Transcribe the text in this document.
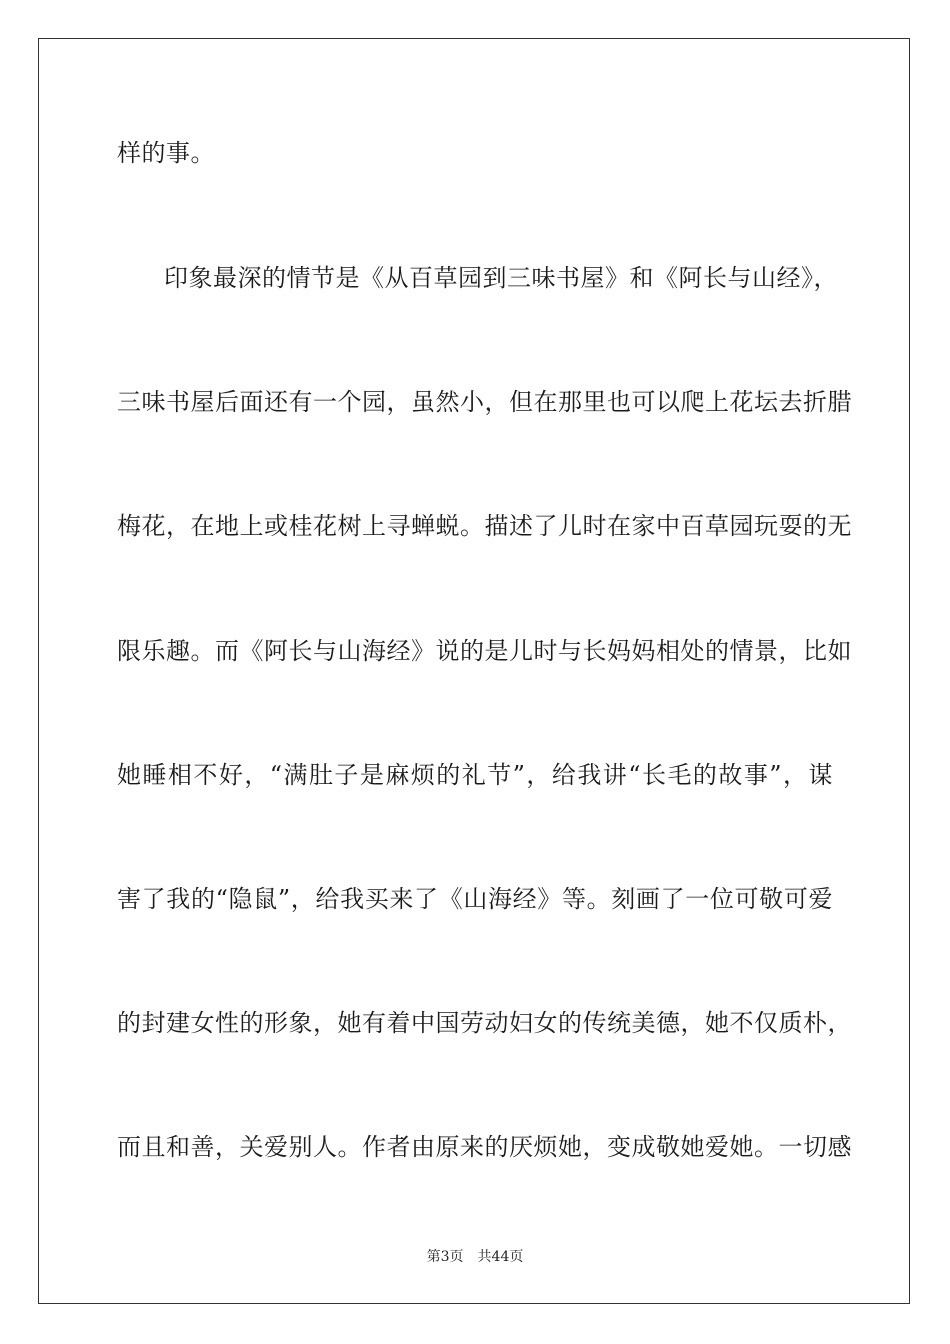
样的事。
印象最深的情节是《从百草园到三味书屋》和《阿长与山经》，
三味书屋后面还有一个园，虽然小，但在那里也可以爬上花坛去折腊
梅花，在地上或桂花树上寻蝉蜕。描述了儿时在家中百草园玩耍的无
限乐趣。而《阿长与山海经》说的是儿时与长妈妈相处的情景，比如
她睡相不好，“满肚子是麻烦的礼节”，给我讲“长毛的故事”，谋
害了我的“隐鼠”，给我买来了《山海经》等。刻画了一位可敬可爱
的封建女性的形象，她有着中国劳动妇女的传统美德，她不仅质朴，
而且和善，关爱别人。作者由原来的厌烦她，变成敬她爱她。一切感
第3页 共44页
